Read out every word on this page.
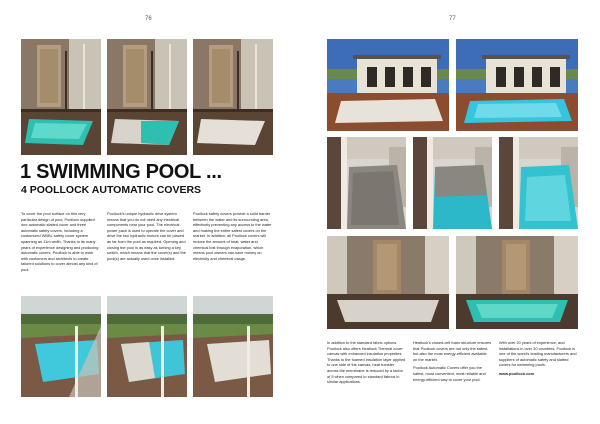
76	77
1 SWIMMING POOL ...
4 POOLLOCK AUTOMATIC COVERS

To cover the pool surface on this very particular design of pool, Poollock supplied one automatic slatted cover and three automatic safety covers, including a customized WBBL safety cover system spanning an 11m width. Thanks to its many years of experience designing and producing automatic covers, Poollock is able to work with customers and architects to create tailored solutions to cover almost any kind of pool.

Poollock's unique hydraulic drive system means that you do not need any electrical components near your pool. The electrical power pack is used to operate the cover and drive the two hydraulic motors can be placed as far from the pool as required. Opening and closing the pool is as easy as turning a key switch, which means that the cover(s) and the pool(s) are actually used once installed.

Poollock safety covers provide a solid barrier between the water and its surrounding area, effectively preventing any access to the water and making the entire safest covers on the market. In addition, all Poollock covers will reduce the amount of heat, water and chemical lost through evaporation, which means pool owners can save money on electricity and chemical usage.

In addition to the standard fabric options, Poollock also offers Heatlock Thermal cover canvas with enhanced insulation properties. Thanks to the foamed insulation layer applied to one side of the canvas, heat transfer across the membrane is reduced by a factor of 5 when compared to standard fabrics in similar applications.

Heatlock's closed-cell foam structure ensures that Poollock covers are not only the safest, but also the most energy-efficient available on the market.

Poollock Automatic Covers offer you the safest, most convenient, most reliable and energy-efficient way to cover your pool.

With over 20 years of experience, and installations in over 30 countries, Poollock is one of the world's leading manufacturers and suppliers of automatic safety and slatted covers for swimming pools.

www.poollock.com
